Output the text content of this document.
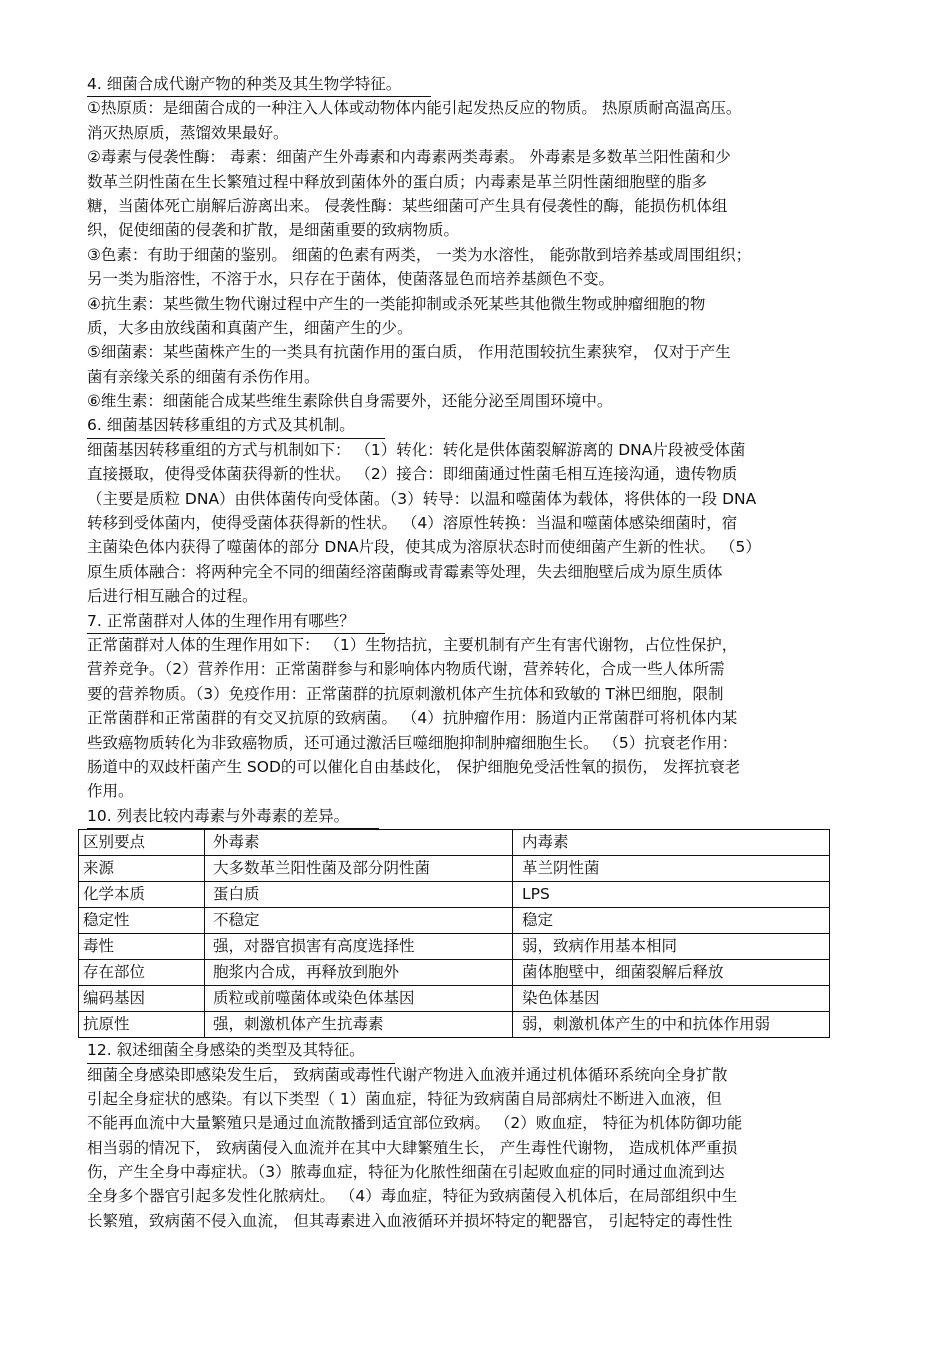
4. 细菌合成代谢产物的种类及其生物学特征。
①热原质：是细菌合成的一种注入人体或动物体内能引起发热反应的物质。 热原质耐高温高压。
消灭热原质，蒸馏效果最好。
②毒素与侵袭性酶： 毒素：细菌产生外毒素和内毒素两类毒素。 外毒素是多数革兰阳性菌和少
数革兰阴性菌在生长繁殖过程中释放到菌体外的蛋白质；内毒素是革兰阴性菌细胞壁的脂多
糖，当菌体死亡崩解后游离出来。 侵袭性酶：某些细菌可产生具有侵袭性的酶，能损伤机体组
织，促使细菌的侵袭和扩散，是细菌重要的致病物质。
③色素：有助于细菌的鉴别。 细菌的色素有两类， 一类为水溶性， 能弥散到培养基或周围组织；
另一类为脂溶性，不溶于水，只存在于菌体，使菌落显色而培养基颜色不变。
④抗生素：某些微生物代谢过程中产生的一类能抑制或杀死某些其他微生物或肿瘤细胞的物
质，大多由放线菌和真菌产生，细菌产生的少。
⑤细菌素：某些菌株产生的一类具有抗菌作用的蛋白质， 作用范围较抗生素狭窄， 仅对于产生
菌有亲缘关系的细菌有杀伤作用。
⑥维生素：细菌能合成某些维生素除供自身需要外，还能分泌至周围环境中。
6. 细菌基因转移重组的方式及其机制。
细菌基因转移重组的方式与机制如下： （1）转化：转化是供体菌裂解游离的 DNA片段被受体菌
直接摄取，使得受体菌获得新的性状。 （2）接合：即细菌通过性菌毛相互连接沟通，遗传物质
（主要是质粒 DNA）由供体菌传向受体菌。（3）转导：以温和噬菌体为载体，将供体的一段 DNA
转移到受体菌内，使得受菌体获得新的性状。 （4）溶原性转换：当温和噬菌体感染细菌时，宿
主菌染色体内获得了噬菌体的部分 DNA片段，使其成为溶原状态时而使细菌产生新的性状。 （5）
原生质体融合：将两种完全不同的细菌经溶菌酶或青霉素等处理，失去细胞壁后成为原生质体
后进行相互融合的过程。
7. 正常菌群对人体的生理作用有哪些？
正常菌群对人体的生理作用如下： （1）生物拮抗，主要机制有产生有害代谢物，占位性保护，
营养竞争。（2）营养作用：正常菌群参与和影响体内物质代谢，营养转化，合成一些人体所需
要的营养物质。（3）免疫作用：正常菌群的抗原刺激机体产生抗体和致敏的 T淋巴细胞，限制
正常菌群和正常菌群的有交叉抗原的致病菌。 （4）抗肿瘤作用：肠道内正常菌群可将机体内某
些致癌物质转化为非致癌物质，还可通过激活巨噬细胞抑制肿瘤细胞生长。 （5）抗衰老作用：
肠道中的双歧杆菌产生 SOD的可以催化自由基歧化， 保护细胞免受活性氧的损伤， 发挥抗衰老
作用。
10. 列表比较内毒素与外毒素的差异。
区别要点	外毒素	内毒素
来源	大多数革兰阳性菌及部分阴性菌	革兰阴性菌
化学本质	蛋白质	LPS
稳定性	不稳定	稳定
毒性	强，对器官损害有高度选择性	弱，致病作用基本相同
存在部位	胞浆内合成，再释放到胞外	菌体胞壁中，细菌裂解后释放
编码基因	质粒或前噬菌体或染色体基因	染色体基因
抗原性	强，刺激机体产生抗毒素	弱，刺激机体产生的中和抗体作用弱
12. 叙述细菌全身感染的类型及其特征。
细菌全身感染即感染发生后， 致病菌或毒性代谢产物进入血液并通过机体循环系统向全身扩散
引起全身症状的感染。有以下类型（ 1）菌血症，特征为致病菌自局部病灶不断进入血液，但
不能再血流中大量繁殖只是通过血流散播到适宜部位致病。 （2）败血症， 特征为机体防御功能
相当弱的情况下， 致病菌侵入血流并在其中大肆繁殖生长， 产生毒性代谢物， 造成机体严重损
伤，产生全身中毒症状。（3）脓毒血症，特征为化脓性细菌在引起败血症的同时通过血流到达
全身多个器官引起多发性化脓病灶。 （4）毒血症，特征为致病菌侵入机体后，在局部组织中生
长繁殖，致病菌不侵入血流， 但其毒素进入血液循环并损坏特定的靶器官， 引起特定的毒性性
